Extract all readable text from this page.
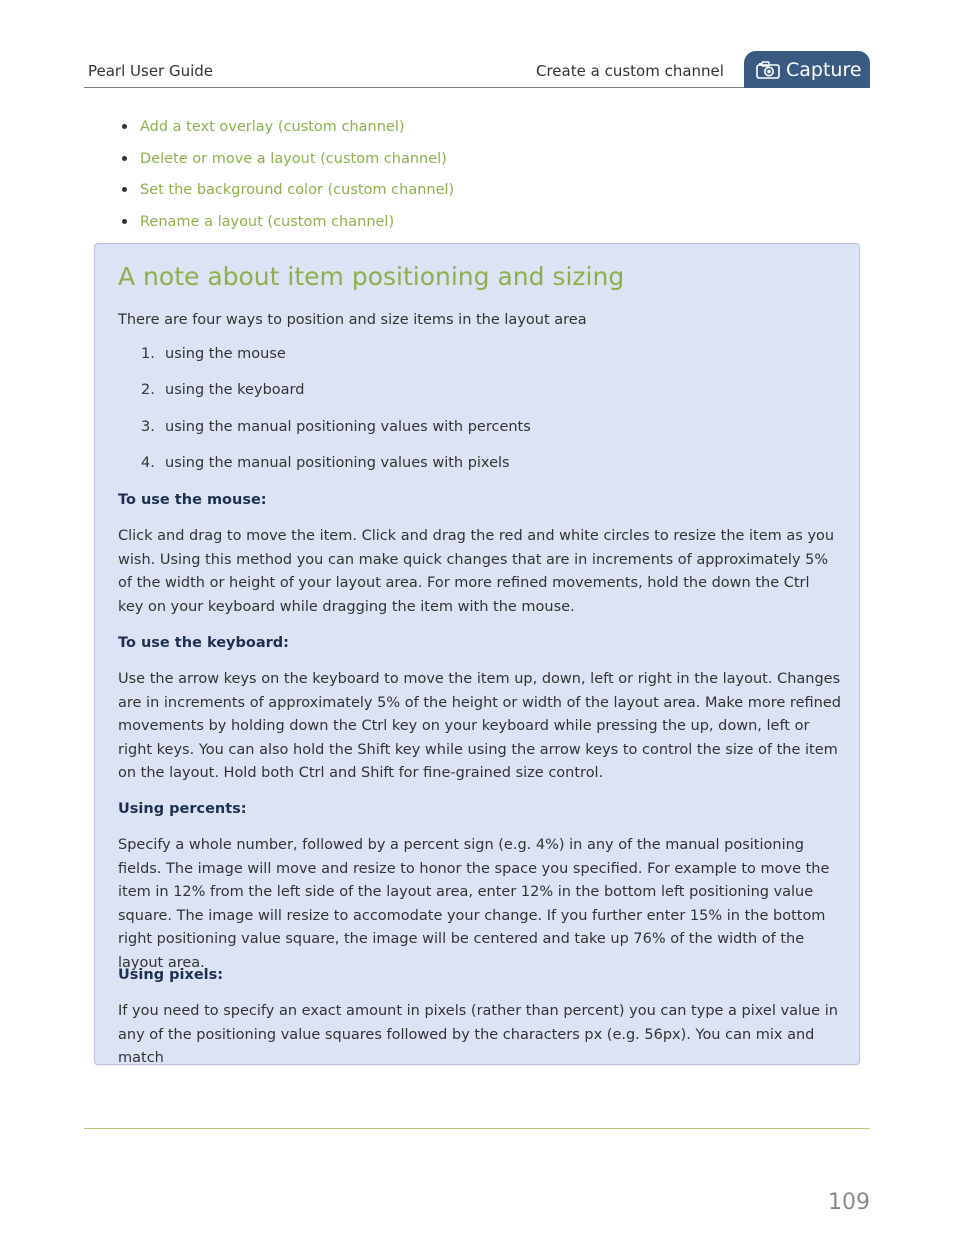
Pearl User Guide	Create a custom channel	Capture
Add a text overlay (custom channel)
Delete or move a layout (custom channel)
Set the background color (custom channel)
Rename a layout (custom channel)
A note about item positioning and sizing

There are four ways to position and size items in the layout area

1. using the mouse
2. using the keyboard
3. using the manual positioning values with percents
4. using the manual positioning values with pixels
To use the mouse:

Click and drag to move the item. Click and drag the red and white circles to resize the item as you wish. Using this method you can make quick changes that are in increments of approximately 5% of the width or height of your layout area. For more refined movements, hold the down the Ctrl key on your keyboard while dragging the item with the mouse.

To use the keyboard:

Use the arrow keys on the keyboard to move the item up, down, left or right in the layout. Changes are in increments of approximately 5% of the height or width of the layout area. Make more refined movements by holding down the Ctrl key on your keyboard while pressing the up, down, left or right keys. You can also hold the Shift key while using the arrow keys to control the size of the item on the layout. Hold both Ctrl and Shift for fine-grained size control.

Using percents:

Specify a whole number, followed by a percent sign (e.g. 4%) in any of the manual positioning fields. The image will move and resize to honor the space you specified. For example to move the item in 12% from the left side of the layout area, enter 12% in the bottom left positioning value square. The image will resize to accomodate your change. If you further enter 15% in the bottom right positioning value square, the image will be centered and take up 76% of the width of the layout area.

Using pixels:

If you need to specify an exact amount in pixels (rather than percent) you can type a pixel value in any of the positioning value squares followed by the characters px (e.g. 56px). You can mix and match

109
